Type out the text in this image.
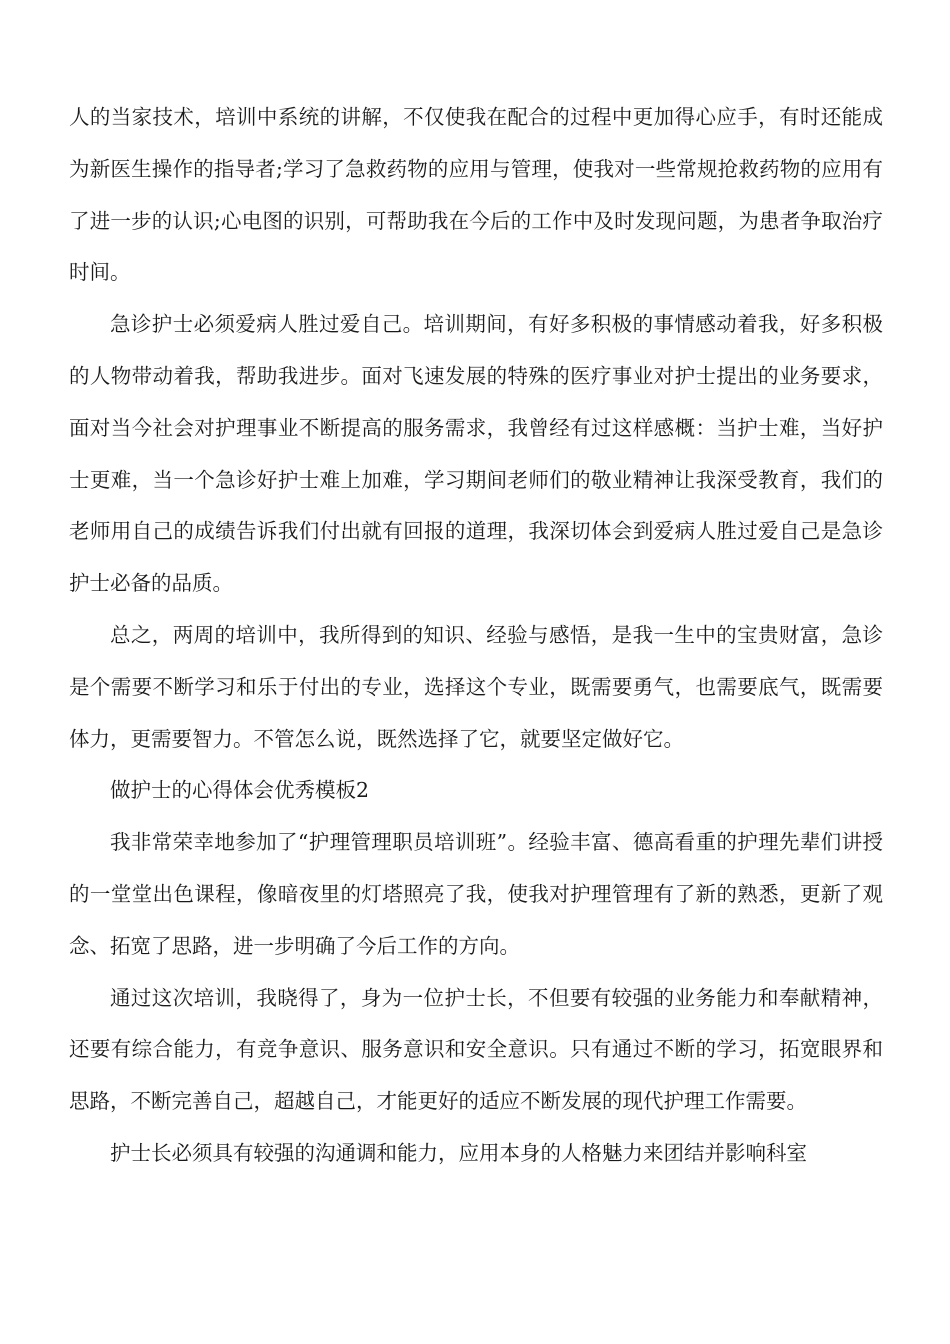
人的当家技术，培训中系统的讲解，不仅使我在配合的过程中更加得心应手，有时还能成为新医生操作的指导者;学习了急救药物的应用与管理，使我对一些常规抢救药物的应用有了进一步的认识;心电图的识别，可帮助我在今后的工作中及时发现问题，为患者争取治疗时间。

急诊护士必须爱病人胜过爱自己。培训期间，有好多积极的事情感动着我，好多积极的人物带动着我，帮助我进步。面对飞速发展的特殊的医疗事业对护士提出的业务要求，面对当今社会对护理事业不断提高的服务需求，我曾经有过这样感概：当护士难，当好护士更难，当一个急诊好护士难上加难，学习期间老师们的敬业精神让我深受教育，我们的老师用自己的成绩告诉我们付出就有回报的道理，我深切体会到爱病人胜过爱自己是急诊护士必备的品质。

总之，两周的培训中，我所得到的知识、经验与感悟，是我一生中的宝贵财富，急诊是个需要不断学习和乐于付出的专业，选择这个专业，既需要勇气，也需要底气，既需要体力，更需要智力。不管怎么说，既然选择了它，就要坚定做好它。

做护士的心得体会优秀模板2

我非常荣幸地参加了“护理管理职员培训班”。经验丰富、德高看重的护理先辈们讲授的一堂堂出色课程，像暗夜里的灯塔照亮了我，使我对护理管理有了新的熟悉，更新了观念、拓宽了思路，进一步明确了今后工作的方向。

通过这次培训，我晓得了，身为一位护士长，不但要有较强的业务能力和奉献精神，还要有综合能力，有竞争意识、服务意识和安全意识。只有通过不断的学习，拓宽眼界和思路，不断完善自己，超越自己，才能更好的适应不断发展的现代护理工作需要。

护士长必须具有较强的沟通调和能力，应用本身的人格魅力来团结并影响科室
